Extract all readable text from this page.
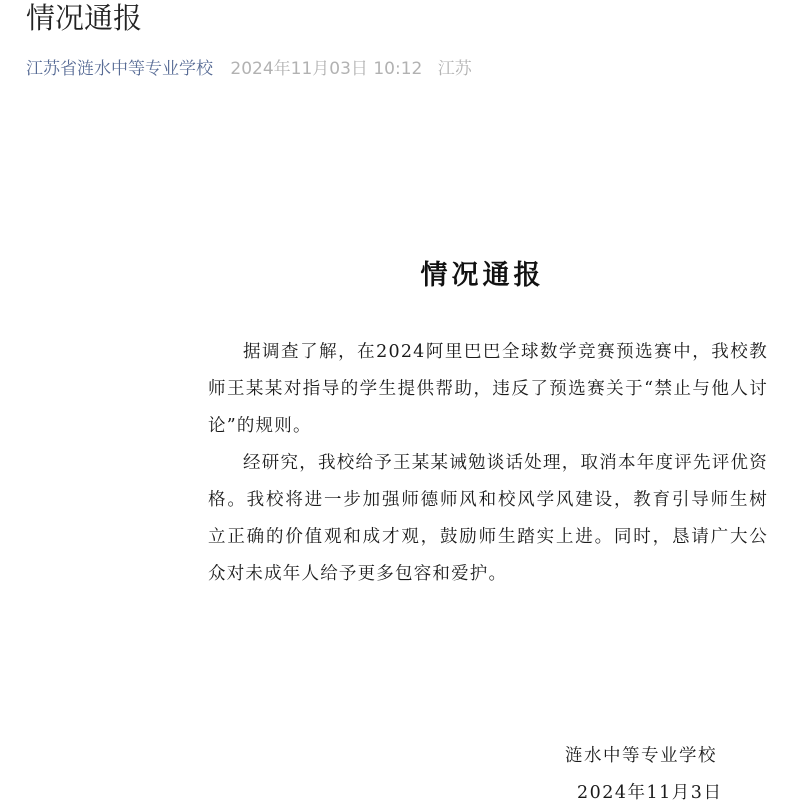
情况通报
江苏省涟水中等专业学校 2024年11月03日 10:12 江苏
情况通报

据调查了解，在2024阿里巴巴全球数学竞赛预选赛中，我校教师王某某对指导的学生提供帮助，违反了预选赛关于“禁止与他人讨论”的规则。

经研究，我校给予王某某诫勉谈话处理，取消本年度评先评优资格。我校将进一步加强师德师风和校风学风建设，教育引导师生树立正确的价值观和成才观，鼓励师生踏实上进。同时，恳请广大公众对未成年人给予更多包容和爱护。

涟水中等专业学校
2024年11月3日
